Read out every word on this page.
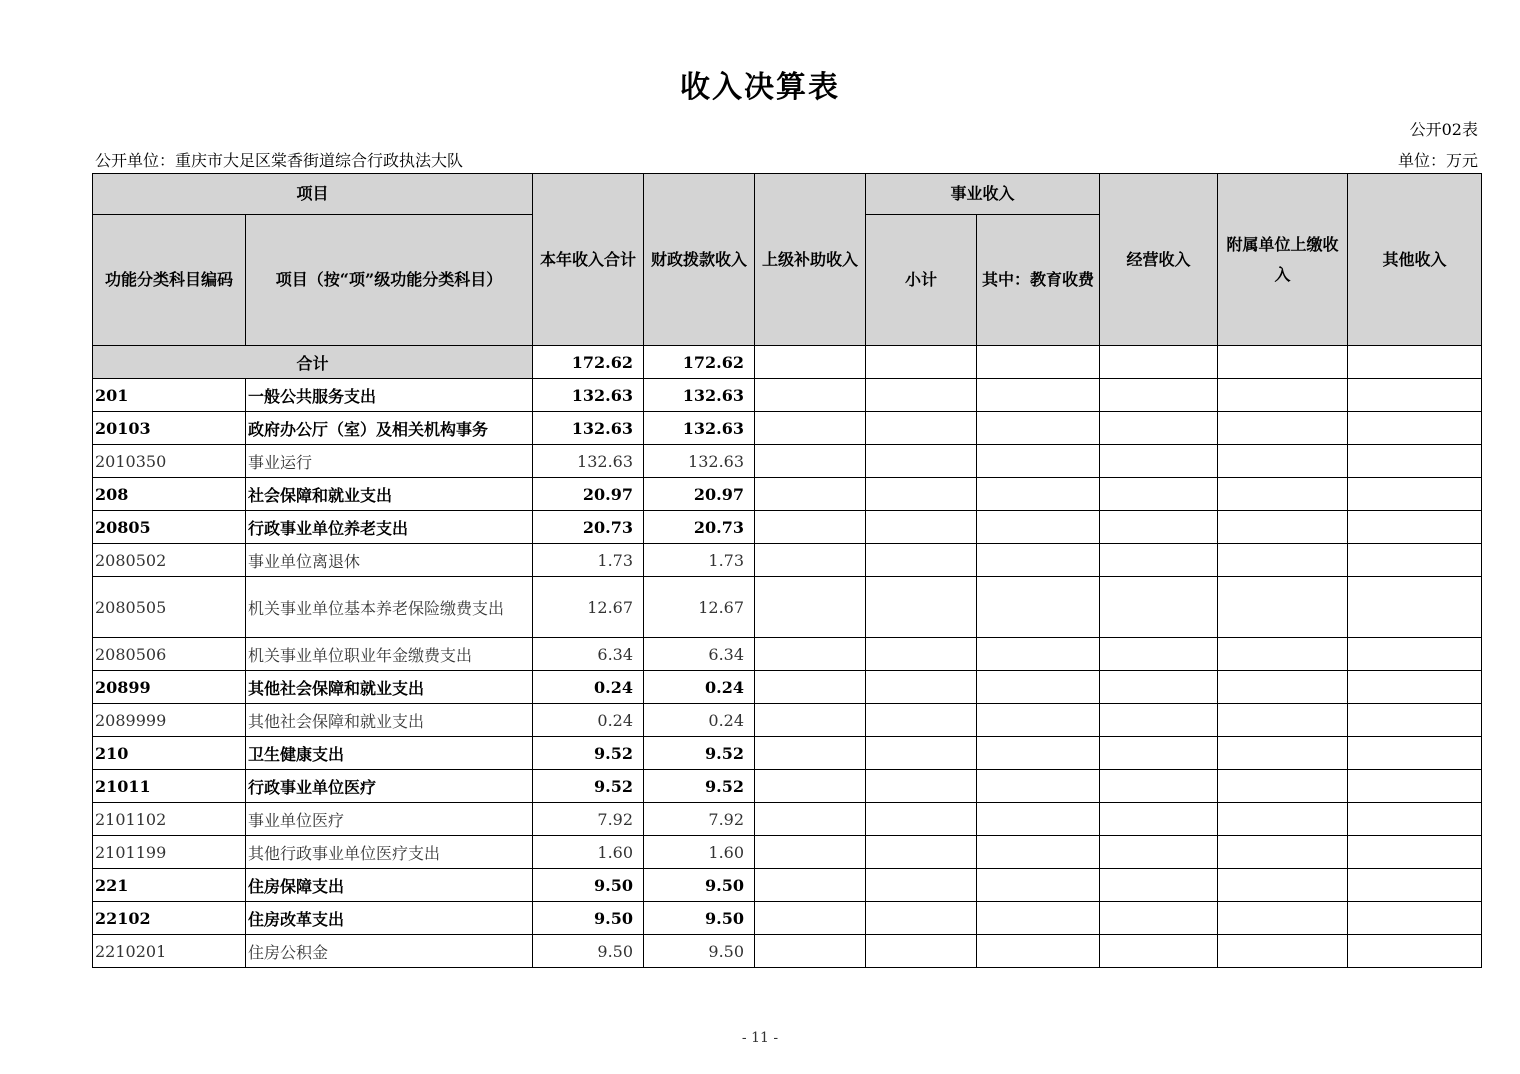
收入决算表
公开02表
公开单位：重庆市大足区棠香街道综合行政执法大队	单位：万元
项目		本年收入合计	财政拨款收入	上级补助收入	事业收入		经营收入	附属单位上缴收入	其他收入
功能分类科目编码	项目（按“项”级功能分类科目）				小计	其中：教育收费			
合计		172.62	172.62						
201	一般公共服务支出	132.63	132.63						
20103	政府办公厅（室）及相关机构事务	132.63	132.63						
2010350	事业运行	132.63	132.63						
208	社会保障和就业支出	20.97	20.97						
20805	行政事业单位养老支出	20.73	20.73						
2080502	事业单位离退休	1.73	1.73						
2080505	机关事业单位基本养老保险缴费支出	12.67	12.67						
2080506	机关事业单位职业年金缴费支出	6.34	6.34						
20899	其他社会保障和就业支出	0.24	0.24						
2089999	其他社会保障和就业支出	0.24	0.24						
210	卫生健康支出	9.52	9.52						
21011	行政事业单位医疗	9.52	9.52						
2101102	事业单位医疗	7.92	7.92						
2101199	其他行政事业单位医疗支出	1.60	1.60						
221	住房保障支出	9.50	9.50						
22102	住房改革支出	9.50	9.50						
2210201	住房公积金	9.50	9.50						
- 11 -
